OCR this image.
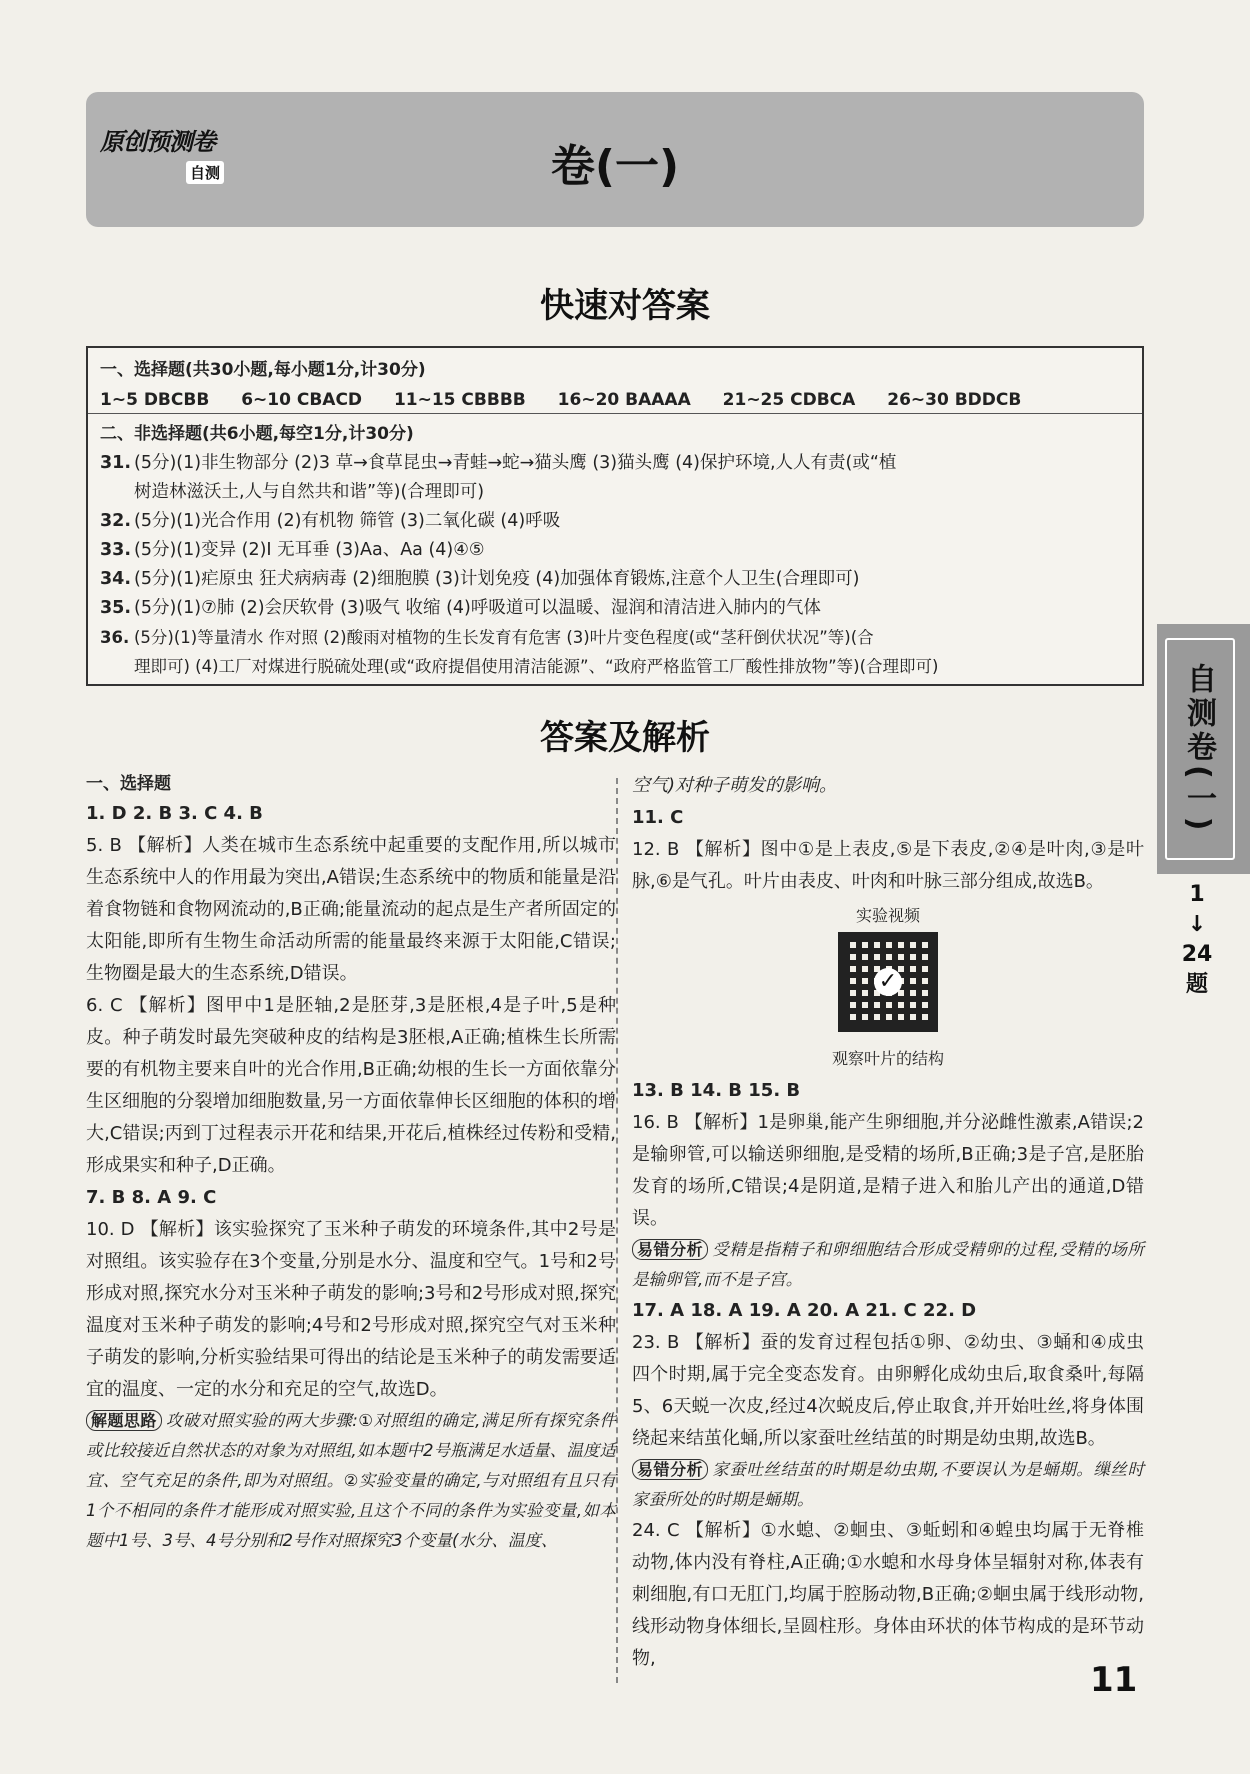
原创预测卷
自测	卷(一)
快速对答案
一、选择题(共30小题,每小题1分,计30分)
1~5 DBCBB 6~10 CBACD 11~15 CBBBB 16~20 BAAAA 21~25 CDBCA 26~30 BDDCB
二、非选择题(共6小题,每空1分,计30分)
31. (5分)(1)非生物部分 (2)3 草→食草昆虫→青蛙→蛇→猫头鹰 (3)猫头鹰 (4)保护环境,人人有责(或“植
树造林滋沃土,人与自然共和谐”等)(合理即可)
32. (5分)(1)光合作用 (2)有机物 筛管 (3)二氧化碳 (4)呼吸
33. (5分)(1)变异 (2)Ⅰ 无耳垂 (3)Aa、Aa (4)④⑤
34. (5分)(1)疟原虫 狂犬病病毒 (2)细胞膜 (3)计划免疫 (4)加强体育锻炼,注意个人卫生(合理即可)
35. (5分)(1)⑦肺 (2)会厌软骨 (3)吸气 收缩 (4)呼吸道可以温暖、湿润和清洁进入肺内的气体
36. (5分)(1)等量清水 作对照 (2)酸雨对植物的生长发育有危害 (3)叶片变色程度(或“茎秆倒伏状况”等)(合
理即可) (4)工厂对煤进行脱硫处理(或“政府提倡使用清洁能源”、“政府严格监管工厂酸性排放物”等)(合理即可)	自测卷(一)
1
↓
24
题
答案及解析
一、选择题
1. D 2. B 3. C 4. B
5. B 【解析】人类在城市生态系统中起重要的支配作用,所以城市生态系统中人的作用最为突出,A错误;生态系统中的物质和能量是沿着食物链和食物网流动的,B正确;能量流动的起点是生产者所固定的太阳能,即所有生物生命活动所需的能量最终来源于太阳能,C错误;生物圈是最大的生态系统,D错误。
6. C 【解析】图甲中1是胚轴,2是胚芽,3是胚根,4是子叶,5是种皮。种子萌发时最先突破种皮的结构是3胚根,A正确;植株生长所需要的有机物主要来自叶的光合作用,B正确;幼根的生长一方面依靠分生区细胞的分裂增加细胞数量,另一方面依靠伸长区细胞的体积的增大,C错误;丙到丁过程表示开花和结果,开花后,植株经过传粉和受精,形成果实和种子,D正确。
7. B 8. A 9. C
10. D 【解析】该实验探究了玉米种子萌发的环境条件,其中2号是对照组。该实验存在3个变量,分别是水分、温度和空气。1号和2号形成对照,探究水分对玉米种子萌发的影响;3号和2号形成对照,探究温度对玉米种子萌发的影响;4号和2号形成对照,探究空气对玉米种子萌发的影响,分析实验结果可得出的结论是玉米种子的萌发需要适宜的温度、一定的水分和充足的空气,故选D。
解题思路 攻破对照实验的两大步骤:①对照组的确定,满足所有探究条件或比较接近自然状态的对象为对照组,如本题中2号瓶满足水适量、温度适宜、空气充足的条件,即为对照组。②实验变量的确定,与对照组有且只有1个不相同的条件才能形成对照实验,且这个不同的条件为实验变量,如本题中1号、3号、4号分别和2号作对照探究3个变量(水分、温度、
空气)对种子萌发的影响。
11. C
12. B 【解析】图中①是上表皮,⑤是下表皮,②④是叶肉,③是叶脉,⑥是气孔。叶片由表皮、叶肉和叶脉三部分组成,故选B。
实验视频
✓
观察叶片的结构
13. B 14. B 15. B
16. B 【解析】1是卵巢,能产生卵细胞,并分泌雌性激素,A错误;2是输卵管,可以输送卵细胞,是受精的场所,B正确;3是子宫,是胚胎发育的场所,C错误;4是阴道,是精子进入和胎儿产出的通道,D错误。
易错分析 受精是指精子和卵细胞结合形成受精卵的过程,受精的场所是输卵管,而不是子宫。
17. A 18. A 19. A 20. A 21. C 22. D
23. B 【解析】蚕的发育过程包括①卵、②幼虫、③蛹和④成虫四个时期,属于完全变态发育。由卵孵化成幼虫后,取食桑叶,每隔5、6天蜕一次皮,经过4次蜕皮后,停止取食,并开始吐丝,将身体围绕起来结茧化蛹,所以家蚕吐丝结茧的时期是幼虫期,故选B。
易错分析 家蚕吐丝结茧的时期是幼虫期,不要误认为是蛹期。缫丝时家蚕所处的时期是蛹期。
24. C 【解析】①水螅、②蛔虫、③蚯蚓和④蝗虫均属于无脊椎动物,体内没有脊柱,A正确;①水螅和水母身体呈辐射对称,体表有刺细胞,有口无肛门,均属于腔肠动物,B正确;②蛔虫属于线形动物,线形动物身体细长,呈圆柱形。身体由环状的体节构成的是环节动物,
11
